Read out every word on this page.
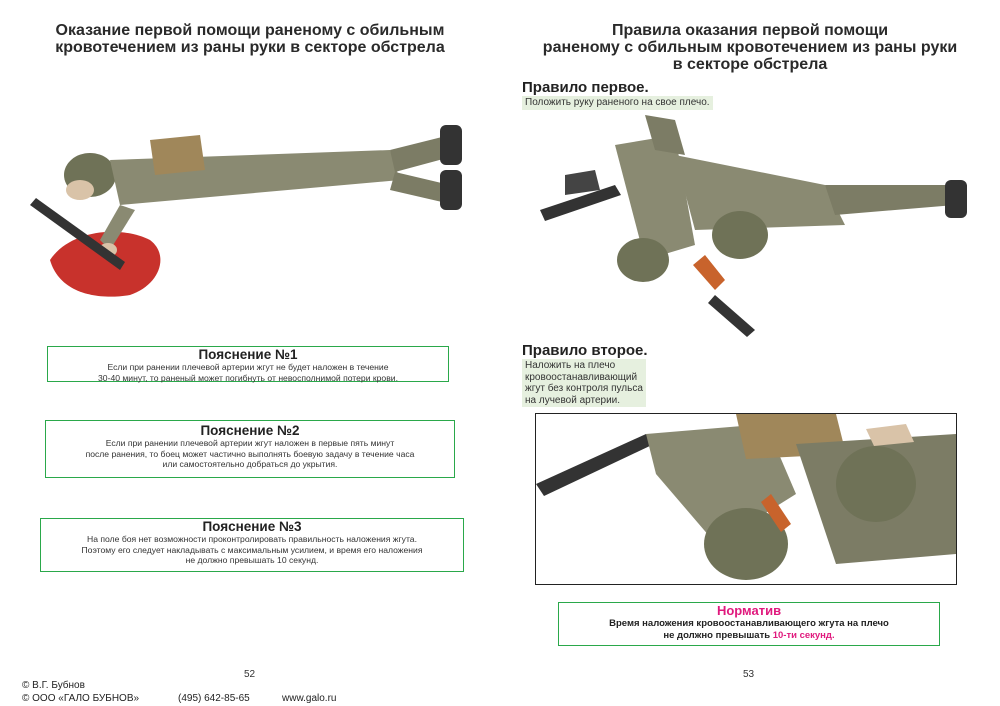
Оказание первой помощи раненому с обильным
кровотечением из раны руки в секторе обстрела
Пояснение №1
Если при ранении плечевой артерии жгут не будет наложен в течение
30-40 минут, то раненый может погибнуть от невосполнимой потери крови.
Пояснение №2
Если при ранении плечевой артерии жгут наложен в первые пять минут
после ранения, то боец может частично выполнять боевую задачу в течение часа
или самостоятельно добраться до укрытия.
Пояснение №3
На поле боя нет возможности проконтролировать правильность наложения жгута.
Поэтому его следует накладывать с максимальным усилием, и время его наложения
не должно превышать 10 секунд.
52
© В.Г. Бубнов
© ООО «ГАЛО БУБНОВ»	(495) 642-85-65	www.galo.ru
Правила оказания первой помощи
раненому с обильным кровотечением из раны руки
в секторе обстрела
Правило первое.
Положить руку раненого на свое плечо.
Правило второе.
Наложить на плечо
кровоостанавливающий
жгут без контроля пульса
на лучевой артерии.
Норматив
Время наложения кровоостанавливающего жгута на плечо
не должно превышать 10-ти секунд.
53
